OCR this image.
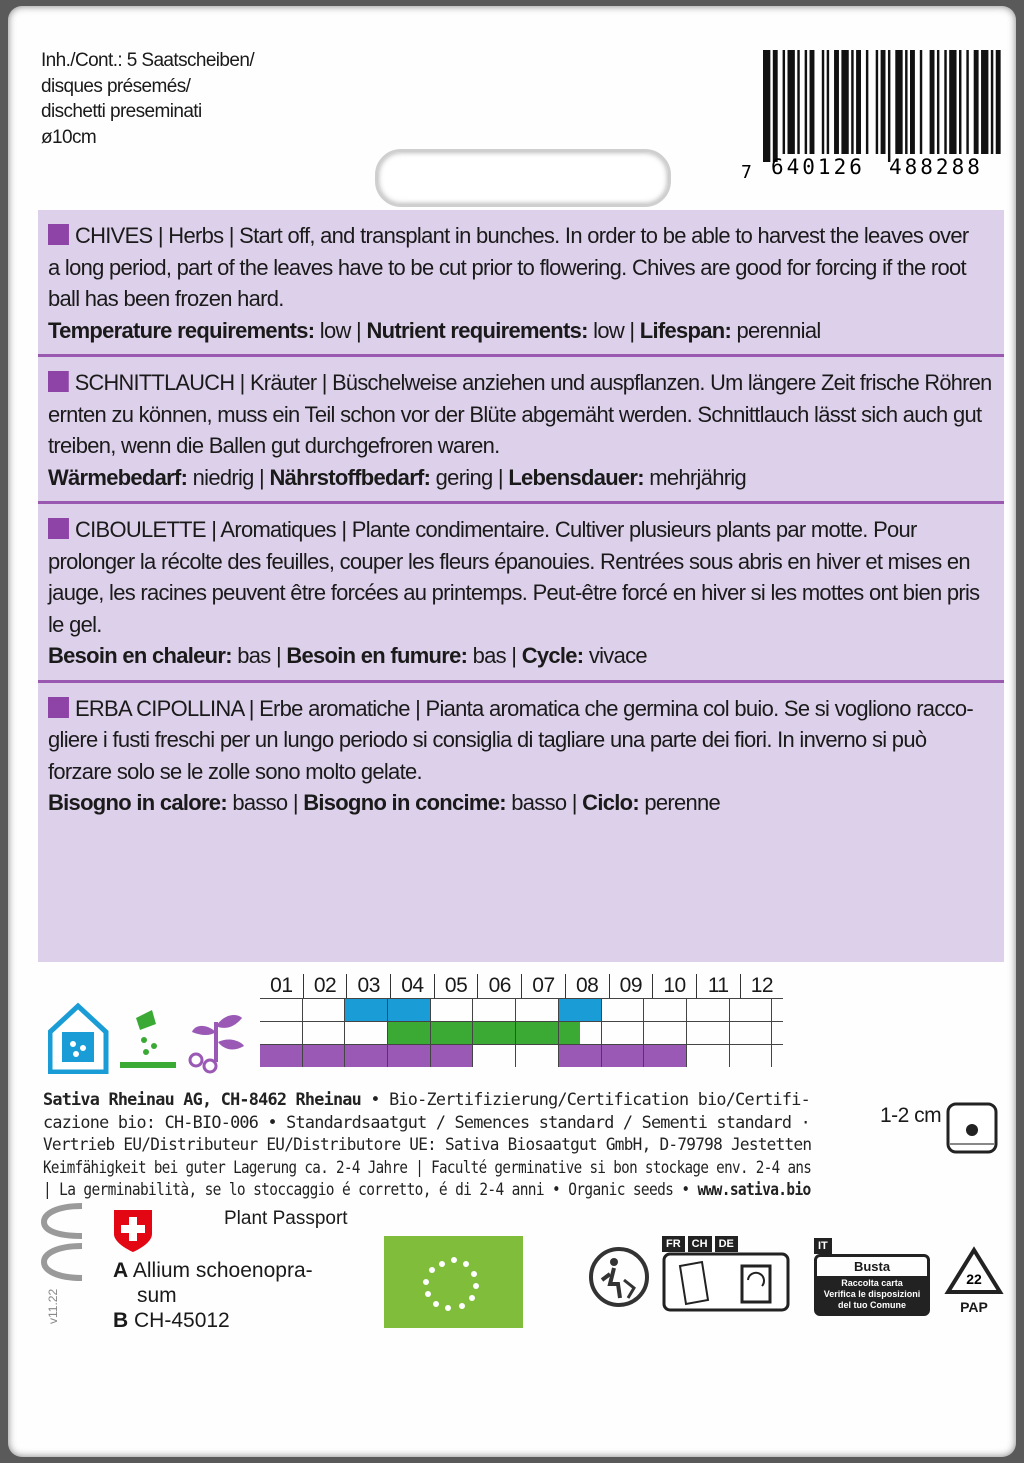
Inh./Cont.: 5 Saatscheiben/
disques présemés/
dischetti preseminati
ø10cm
7 640126 488288

CHIVES | Herbs | Start off, and transplant in bunches. In order to be able to harvest the leaves over

a long period, part of the leaves have to be cut prior to flowering. Chives are good for forcing if the root

ball has been frozen hard.

Temperature requirements: low | Nutrient requirements: low | Lifespan: perennial

SCHNITTLAUCH | Kräuter | Büschelweise anziehen und auspflanzen. Um längere Zeit frische Röhren

ernten zu können, muss ein Teil schon vor der Blüte abgemäht werden. Schnittlauch lässt sich auch gut

treiben, wenn die Ballen gut durchgefroren waren.

Wärmebedarf: niedrig | Nährstoffbedarf: gering | Lebensdauer: mehrjährig

CIBOULETTE | Aromatiques | Plante condimentaire. Cultiver plusieurs plants par motte. Pour

prolonger la récolte des feuilles, couper les fleurs épanouies. Rentrées sous abris en hiver et mises en

jauge, les racines peuvent être forcées au printemps. Peut-être forcé en hiver si les mottes ont bien pris

le gel.

Besoin en chaleur: bas | Besoin en fumure: bas | Cycle: vivace

ERBA CIPOLLINA | Erbe aromatiche | Pianta aromatica che germina col buio. Se si vogliono racco-

gliere i fusti freschi per un lungo periodo si consiglia di tagliare una parte dei fiori. In inverno si può

forzare solo se le zolle sono molto gelate.

Bisogno in calore: basso | Bisogno in concime: basso | Ciclo: perenne

01	02	03	04	05	06	07	08	09	10	11	12
Sativa Rheinau AG, CH-8462 Rheinau • Bio-Zertifizierung/Certification bio/Certifi-
cazione bio: CH-BIO-006 • Standardsaatgut / Semences standard / Sementi standard ·
Vertrieb EU/Distributeur EU/Distributore UE: Sativa Biosaatgut GmbH, D-79798 Jestetten
Keimfähigkeit bei guter Lagerung ca. 2-4 Jahre | Faculté germinative si bon stockage env. 2-4 ans
| La germinabilità, se lo stoccaggio é corretto, é di 2-4 anni • Organic seeds • www.sativa.bio
1-2 cm
Plant Passport
A Allium schoenopra-
sum
B CH-45012
v11.22
FR	CH	DE	IT
Busta
Raccolta carta
Verifica le disposizioni
del tuo Comune
22
PAP
